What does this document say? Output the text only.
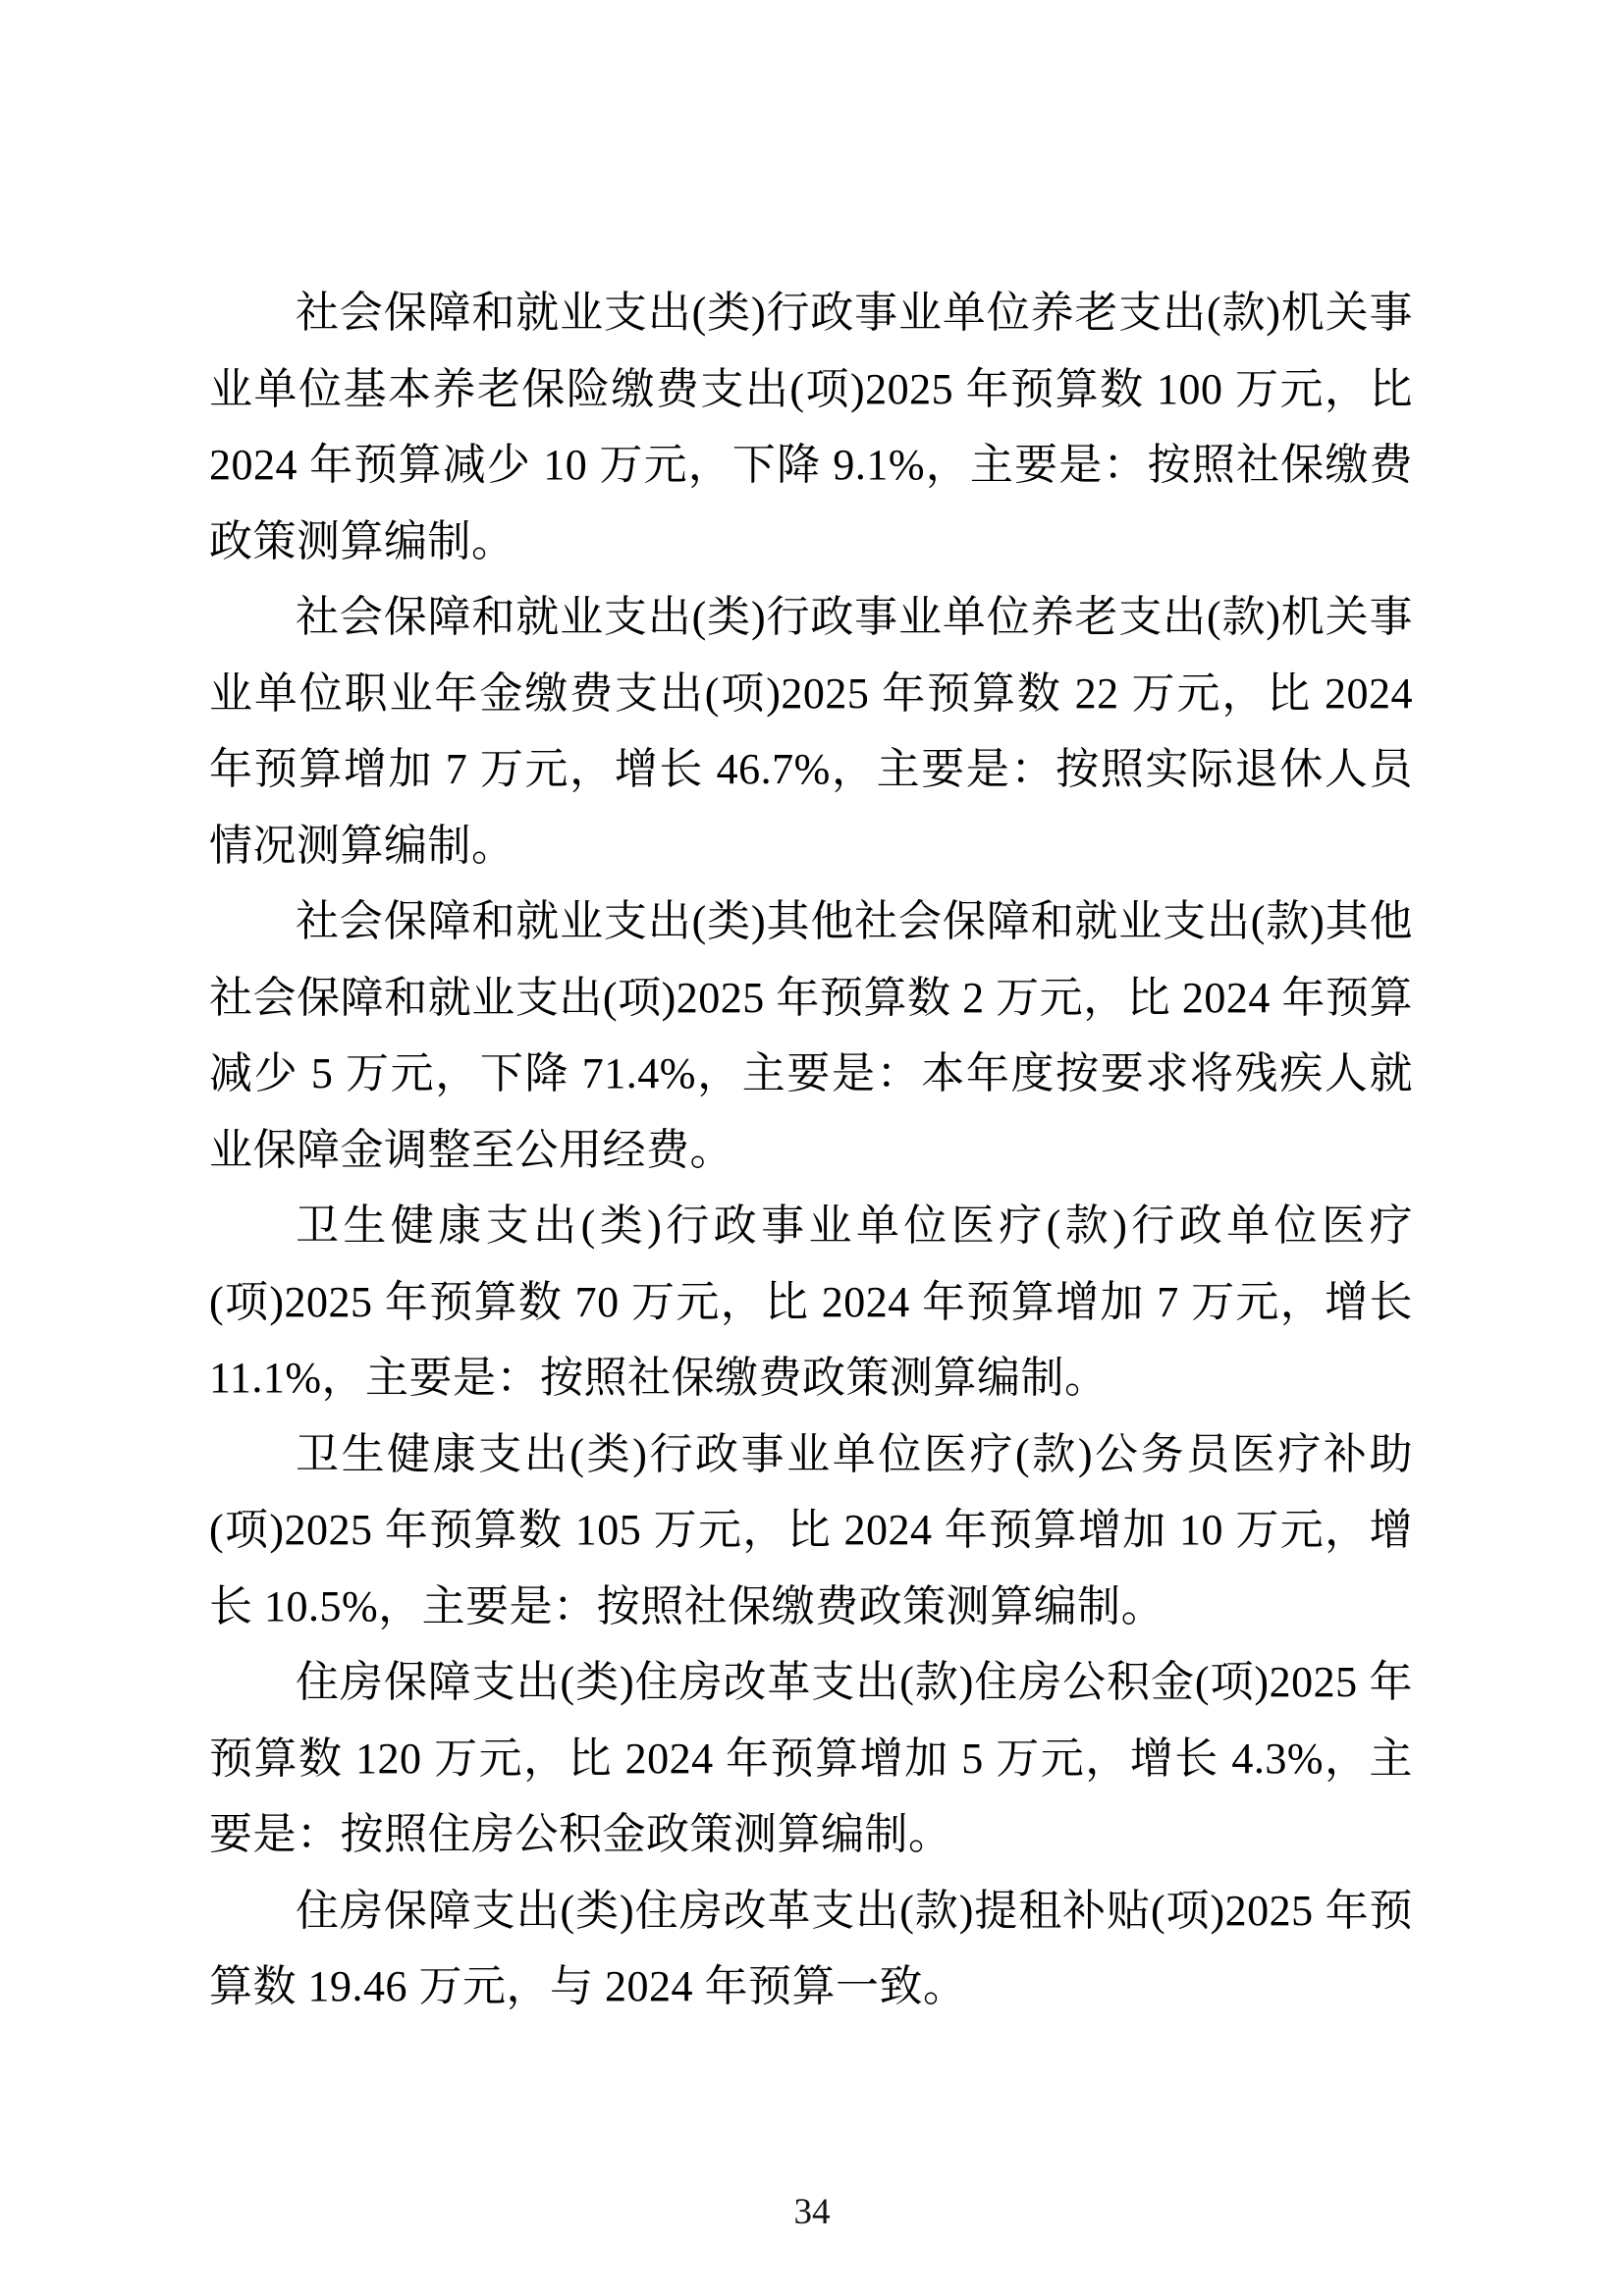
社会保障和就业支出(类)行政事业单位养老支出(款)机关事业单位基本养老保险缴费支出(项)2025 年预算数 100 万元，比 2024 年预算减少 10 万元，下降 9.1%，主要是：按照社保缴费政策测算编制。

社会保障和就业支出(类)行政事业单位养老支出(款)机关事业单位职业年金缴费支出(项)2025 年预算数 22 万元，比 2024 年预算增加 7 万元，增长 46.7%，主要是：按照实际退休人员情况测算编制。

社会保障和就业支出(类)其他社会保障和就业支出(款)其他社会保障和就业支出(项)2025 年预算数 2 万元，比 2024 年预算减少 5 万元，下降 71.4%，主要是：本年度按要求将残疾人就业保障金调整至公用经费。

卫生健康支出(类)行政事业单位医疗(款)行政单位医疗(项)2025 年预算数 70 万元，比 2024 年预算增加 7 万元，增长 11.1%，主要是：按照社保缴费政策测算编制。

卫生健康支出(类)行政事业单位医疗(款)公务员医疗补助(项)2025 年预算数 105 万元，比 2024 年预算增加 10 万元，增长 10.5%，主要是：按照社保缴费政策测算编制。

住房保障支出(类)住房改革支出(款)住房公积金(项)2025 年预算数 120 万元，比 2024 年预算增加 5 万元，增长 4.3%，主要是：按照住房公积金政策测算编制。

住房保障支出(类)住房改革支出(款)提租补贴(项)2025 年预算数 19.46 万元，与 2024 年预算一致。

34
